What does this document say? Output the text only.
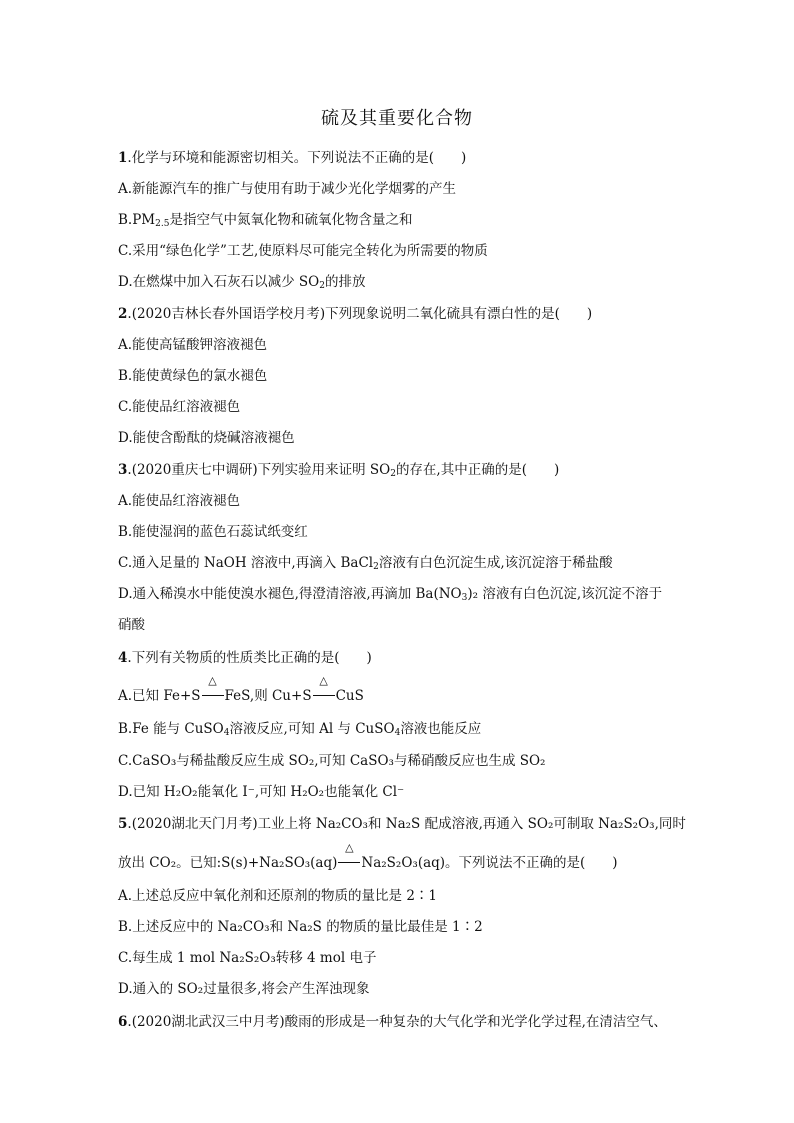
硫及其重要化合物
1.化学与环境和能源密切相关。下列说法不正确的是(　　)
A.新能源汽车的推广与使用有助于减少光化学烟雾的产生
$B.PM_{2.5}$是指空气中氮氧化物和硫氧化物含量之和
C.采用“绿色化学”工艺,使原料尽可能完全转化为所需要的物质
D.在燃煤中加入石灰石以减少 $SO_2$的排放
2.(2020吉林长春外国语学校月考)下列现象说明二氧化硫具有漂白性的是(　　)
A.能使高锰酸钾溶液褪色
B.能使黄绿色的氯水褪色
C.能使品红溶液褪色
D.能使含酚酞的烧碱溶液褪色
3.(2020重庆七中调研)下列实验用来证明 $SO_2$的存在,其中正确的是(　　)
A.能使品红溶液褪色
B.能使湿润的蓝色石蕊试纸变红
C.通入足量的 NaOH 溶液中,再滴入 BaCl$_2$溶液有白色沉淀生成,该沉淀溶于稀盐酸
D.通入稀溴水中能使溴水褪色,得澄清溶液,再滴加 $Ba(NO_3)_2$ 溶液有白色沉淀,该沉淀不溶于
硝酸
4.下列有关物质的性质类比正确的是(　　)
A.已知 Fe+S
△
FeS,则 Cu+S
△
CuS
B.Fe 能与 CuSO$_4$溶液反应,可知 Al 与 CuSO$_4$溶液也能反应
C.CaSO₃与稀盐酸反应生成 SO₂,可知 CaSO₃与稀硝酸反应也生成 SO₂
D.已知 H₂O₂能氧化 I⁻,可知 H₂O₂也能氧化 Cl⁻
5.(2020湖北天门月考)工业上将 Na₂CO₃和 Na₂S 配成溶液,再通入 SO₂可制取 Na₂S₂O₃,同时
放出 CO₂。已知:S(s)+Na₂SO₃(aq)
△
Na₂S₂O₃(aq)。下列说法不正确的是(　　)
A.上述总反应中氧化剂和还原剂的物质的量比是 2∶1
B.上述反应中的 Na₂CO₃和 Na₂S 的物质的量比最佳是 1∶2
C.每生成 1 mol Na₂S₂O₃转移 4 mol 电子
D.通入的 SO₂过量很多,将会产生浑浊现象
6.(2020湖北武汉三中月考)酸雨的形成是一种复杂的大气化学和光学化学过程,在清洁空气、
